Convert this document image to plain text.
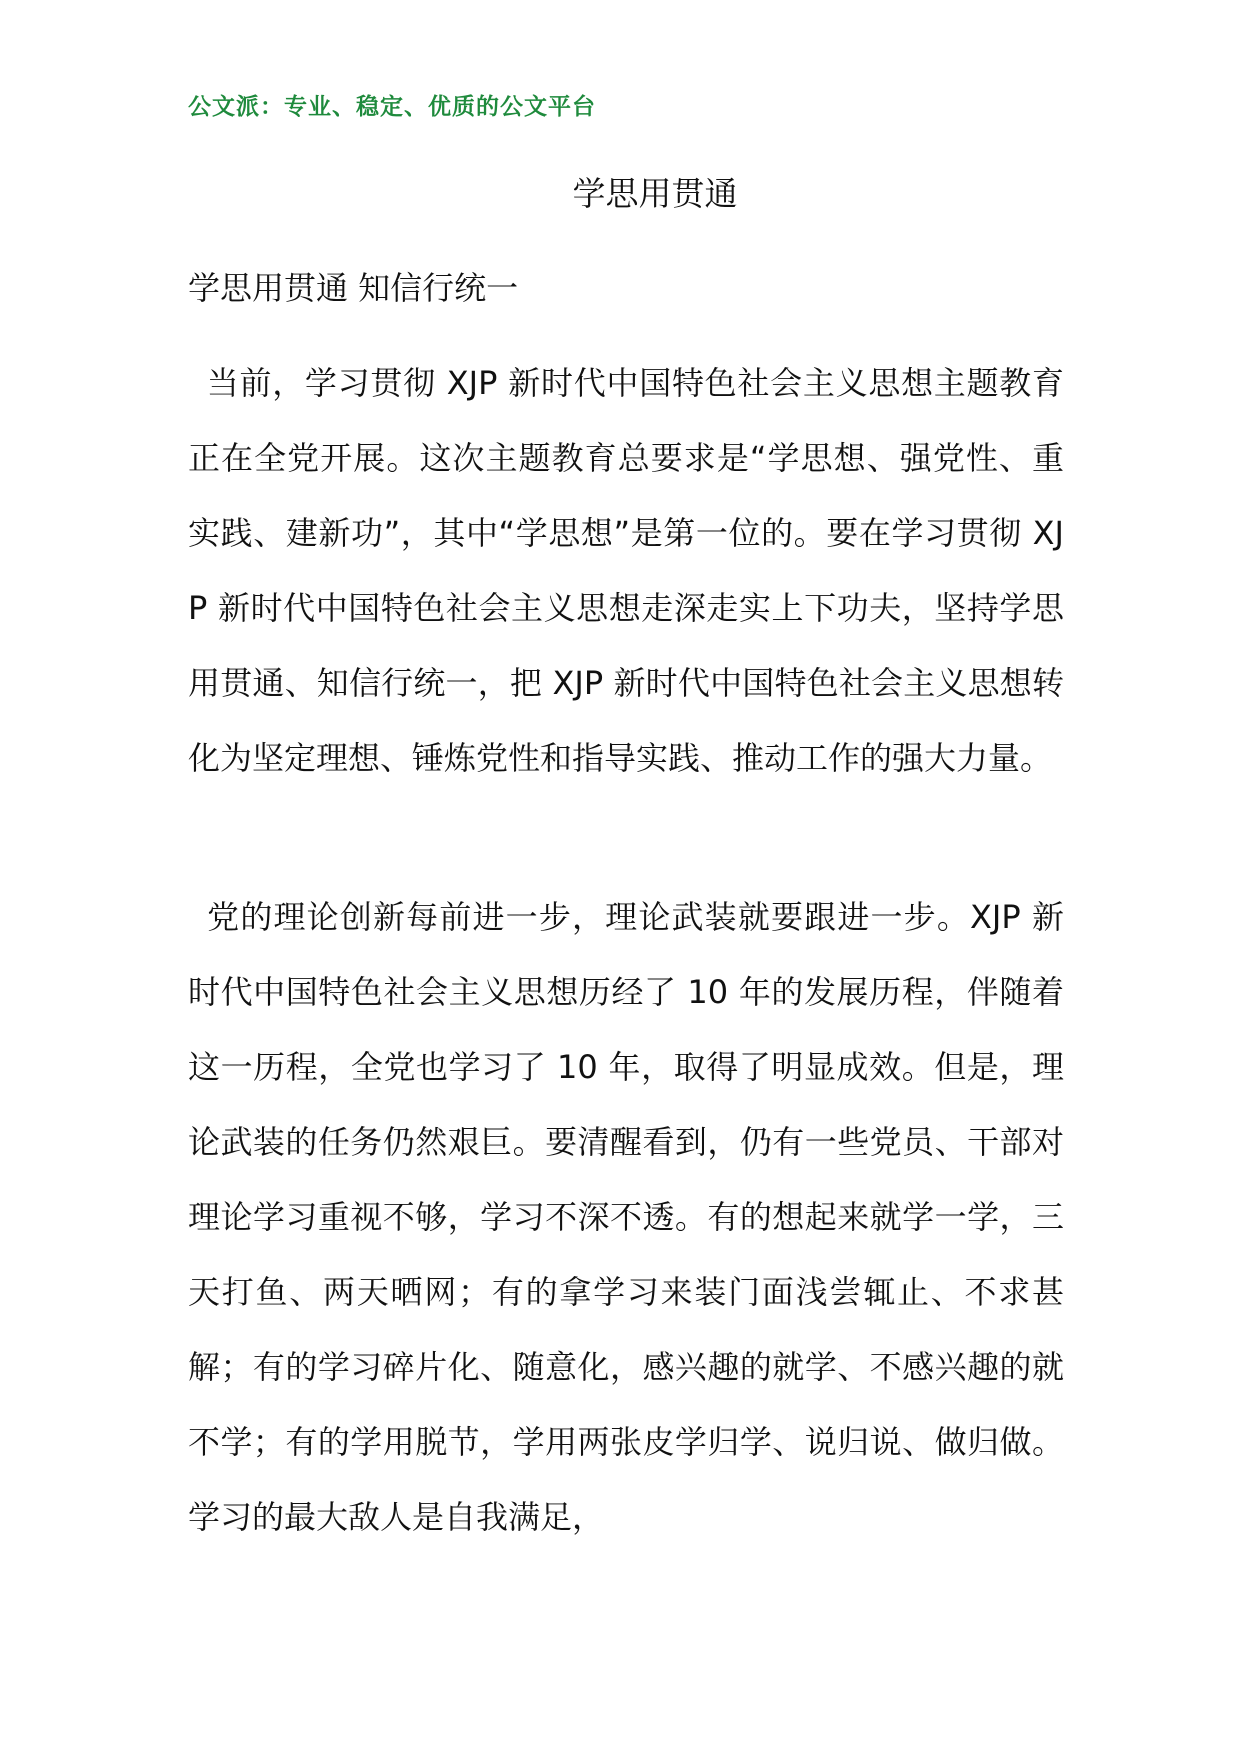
公文派：专业、稳定、优质的公文平台
学思用贯通
学思用贯通 知信行统一
当前，学习贯彻 XJP 新时代中国特色社会主义思想主题教育正在全党开展。这次主题教育总要求是“学思想、强党性、重实践、建新功”，其中“学思想”是第一位的。要在学习贯彻 XJP 新时代中国特色社会主义思想走深走实上下功夫，坚持学思用贯通、知信行统一，把 XJP 新时代中国特色社会主义思想转化为坚定理想、锤炼党性和指导实践、推动工作的强大力量。
党的理论创新每前进一步，理论武装就要跟进一步。XJP 新时代中国特色社会主义思想历经了 10 年的发展历程，伴随着这一历程，全党也学习了 10 年，取得了明显成效。但是，理论武装的任务仍然艰巨。要清醒看到，仍有一些党员、干部对理论学习重视不够，学习不深不透。有的想起来就学一学，三天打鱼、两天晒网；有的拿学习来装门面浅尝辄止、不求甚解；有的学习碎片化、随意化，感兴趣的就学、不感兴趣的就不学；有的学用脱节，学用两张皮学归学、说归说、做归做。学习的最大敌人是自我满足，
